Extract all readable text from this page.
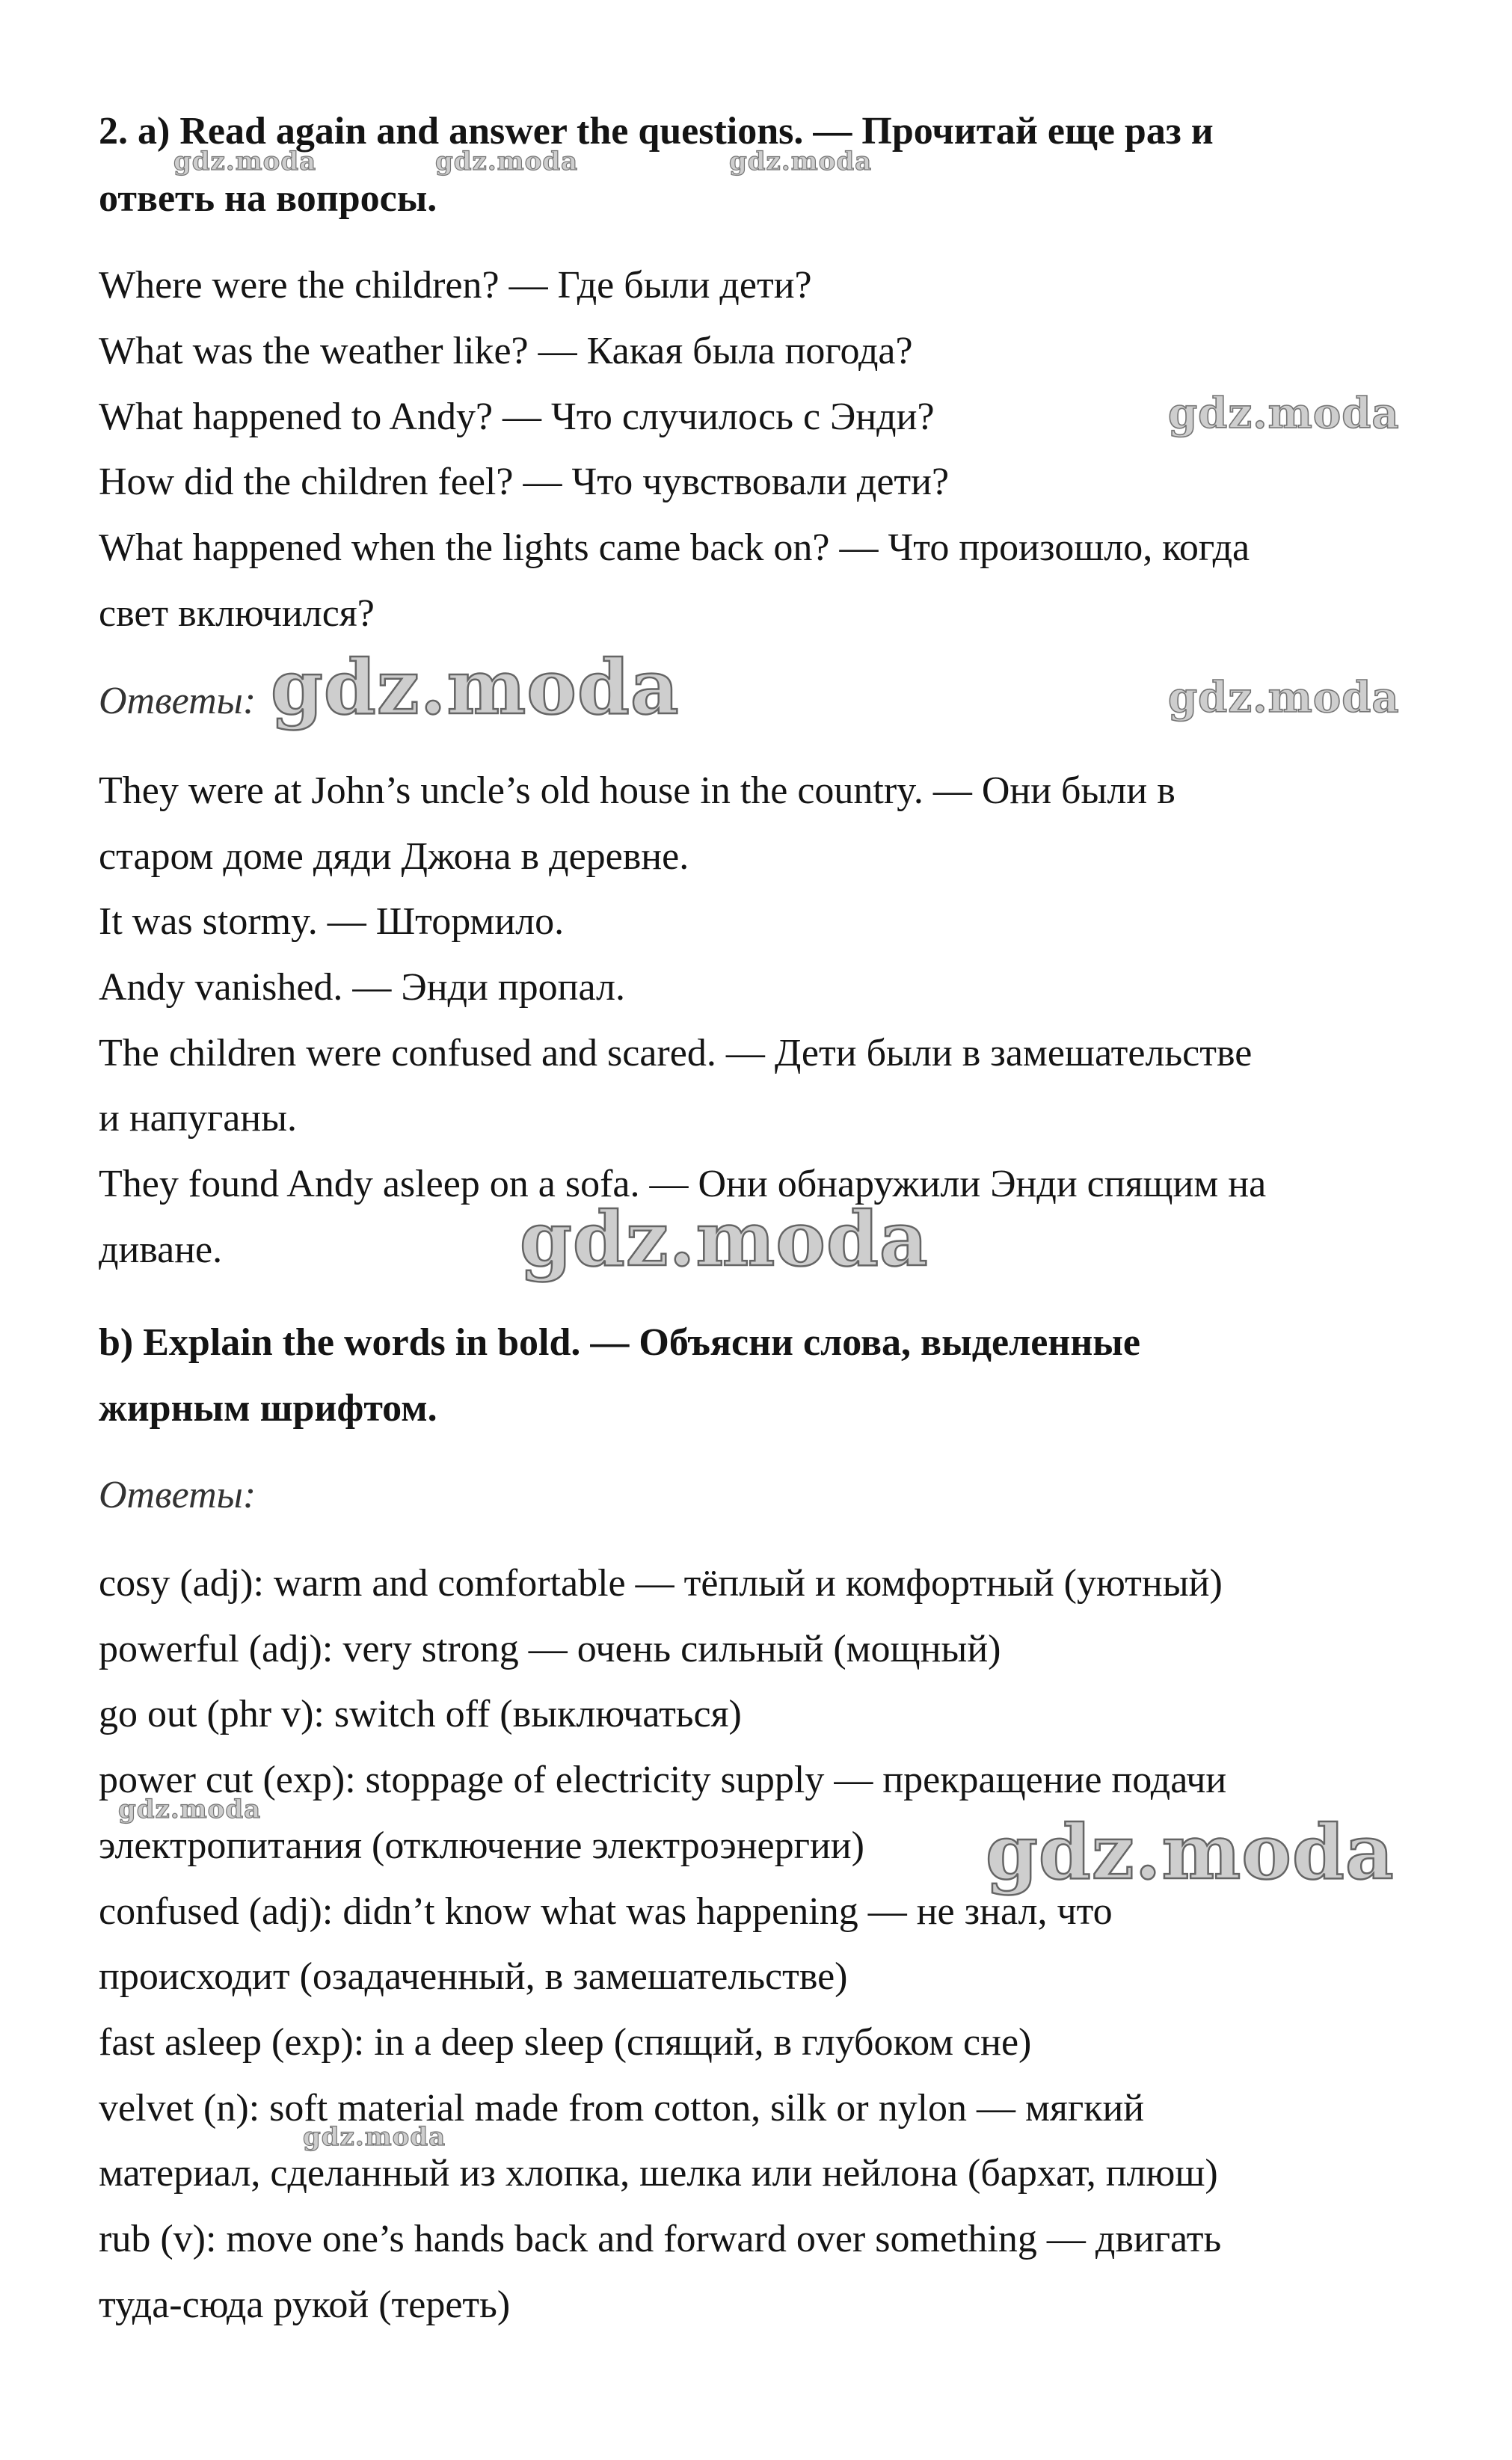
2. a) Read again and answer the questions. — Прочитай еще раз и
ответь на вопросы.
Where were the children? — Где были дети?
What was the weather like? — Какая была погода?
What happened to Andy? — Что случилось с Энди?
How did the children feel? — Что чувствовали дети?
What happened when the lights came back on? — Что произошло, когда
свет включился?
Ответы:
They were at John’s uncle’s old house in the country. — Они были в
старом доме дяди Джона в деревне.
It was stormy. — Штормило.
Andy vanished. — Энди пропал.
The children were confused and scared. — Дети были в замешательстве
и напуганы.
They found Andy asleep on a sofa. — Они обнаружили Энди спящим на
диване.
b) Explain the words in bold. — Объясни слова, выделенные
жирным шрифтом.
Ответы:
cosy (adj): warm and comfortable — тёплый и комфортный (уютный)
powerful (adj): very strong — очень сильный (мощный)
go out (phr v): switch off (выключаться)
power cut (exp): stoppage of electricity supply — прекращение подачи
электропитания (отключение электроэнергии)
confused (adj): didn’t know what was happening — не знал, что
происходит (озадаченный, в замешательстве)
fast asleep (exp): in a deep sleep (спящий, в глубоком сне)
velvet (n): soft material made from cotton, silk or nylon — мягкий
материал, сделанный из хлопка, шелка или нейлона (бархат, плюш)
rub (v): move one’s hands back and forward over something — двигать
туда-сюда рукой (тереть)
gdz.moda	gdz.moda	gdz.moda
gdz.moda
gdz.moda	gdz.moda
gdz.moda
gdz.moda	gdz.moda
gdz.moda
